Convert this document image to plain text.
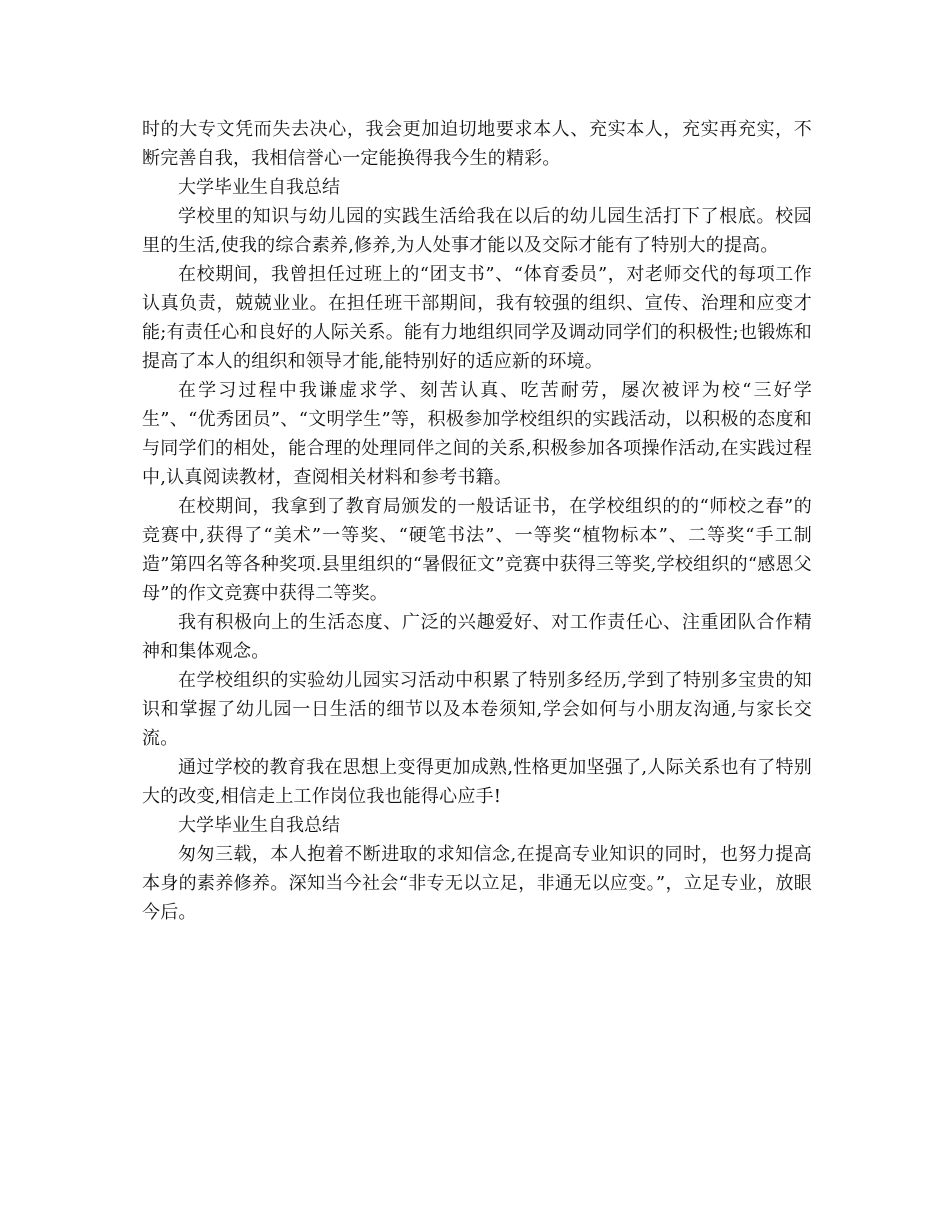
时的大专文凭而失去决心，我会更加迫切地要求本人、充实本人，充实再充实，不断完善自我，我相信誉心一定能换得我今生的精彩。

大学毕业生自我总结

学校里的知识与幼儿园的实践生活给我在以后的幼儿园生活打下了根底。校园里的生活,使我的综合素养,修养,为人处事才能以及交际才能有了特别大的提高。

在校期间，我曾担任过班上的“团支书”、“体育委员”，对老师交代的每项工作认真负责，兢兢业业。在担任班干部期间，我有较强的组织、宣传、治理和应变才能;有责任心和良好的人际关系。能有力地组织同学及调动同学们的积极性;也锻炼和提高了本人的组织和领导才能,能特别好的适应新的环境。

在学习过程中我谦虚求学、刻苦认真、吃苦耐劳，屡次被评为校“三好学生”、“优秀团员”、“文明学生”等，积极参加学校组织的实践活动，以积极的态度和与同学们的相处，能合理的处理同伴之间的关系,积极参加各项操作活动,在实践过程中,认真阅读教材，查阅相关材料和参考书籍。

在校期间，我拿到了教育局颁发的一般话证书，在学校组织的的“师校之春”的竞赛中,获得了“美术”一等奖、“硬笔书法”、一等奖“植物标本”、二等奖“手工制造”第四名等各种奖项.县里组织的“暑假征文”竞赛中获得三等奖,学校组织的“感恩父母”的作文竞赛中获得二等奖。

我有积极向上的生活态度、广泛的兴趣爱好、对工作责任心、注重团队合作精神和集体观念。

在学校组织的实验幼儿园实习活动中积累了特别多经历,学到了特别多宝贵的知识和掌握了幼儿园一日生活的细节以及本卷须知,学会如何与小朋友沟通,与家长交流。

通过学校的教育我在思想上变得更加成熟,性格更加坚强了,人际关系也有了特别大的改变,相信走上工作岗位我也能得心应手!

大学毕业生自我总结

匆匆三载，本人抱着不断进取的求知信念,在提高专业知识的同时，也努力提高本身的素养修养。深知当今社会“非专无以立足，非通无以应变。”，立足专业，放眼今后。
